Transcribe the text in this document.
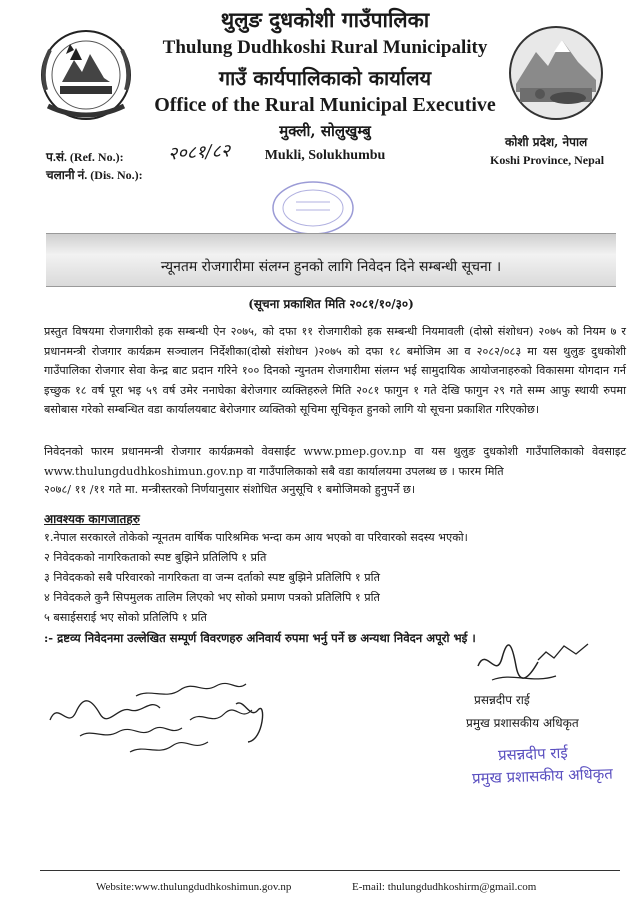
थुलुङ दुधकोशी गाउँपालिका
Thulung Dudhkoshi Rural Municipality
गाउँ कार्यपालिकाको कार्यालय
Office of the Rural Municipal Executive
मुक्ली, सोलुखुम्बु
Mukli, Solukhumbu
प.सं. (Ref. No.): २०८१/८२
चलानी नं. (Dis. No.):
कोशी प्रदेश, नेपाल
Koshi Province, Nepal
न्यूनतम रोजगारीमा संलग्न हुनको लागि निवेदन दिने सम्बन्धी सूचना ।
(सूचना प्रकाशित मिति २०८१/१०/३०)
प्रस्तुत विषयमा रोजगारीको हक सम्बन्धी ऐन २०७५, को दफा ११ रोजगारीको हक सम्बन्धी नियमावली (दोस्रो संशोधन) २०७५ को नियम ७ र प्रधानमन्त्री रोजगार कार्यक्रम सञ्चालन निर्देशीका(दोस्रो संशोधन )२०७५ को दफा १८ बमोजिम आ व २०८२/०८३ मा यस थुलुङ दुधकोशी गाउँपालिका रोजगार सेवा केन्द्र बाट प्रदान गरिने १०० दिनको न्युनतम रोजगारीमा संलग्न भई सामुदायिक आयोजनाहरुको विकासमा योगदान गर्न इच्छुक १८ वर्ष पूरा भइ ५९ वर्ष उमेर ननाघेका बेरोजगार व्यक्तिहरुले मिति २०८१ फागुन १ गते देखि फागुन २९ गते सम्म आफु स्थायी रुपमा बसोबास गरेको सम्बन्धित वडा कार्यालयबाट बेरोजगार व्यक्तिको सूचिमा सूचिकृत हुनको लागि यो सूचना प्रकाशित गरिएकोछ।
निवेदनको फारम प्रधानमन्त्री रोजगार कार्यक्रमको वेवसाईट www.pmep.gov.np वा यस थुलुङ दुधकोशी गाउँपालिकाको वेवसाइट www.thulungdudhkoshimun.gov.np वा गाउँपालिकाको सबै वडा कार्यालयमा उपलब्ध छ । फारम मिति
२०७८/ ११ /११ गते मा. मन्त्रीस्तरको निर्णयानुसार संशोधित अनुसूचि १ बमोजिमको हुनुपर्ने छ।
आवश्यक कागजातहरु
१.नेपाल सरकारले तोकेको न्यूनतम वार्षिक पारिश्रमिक भन्दा कम आय भएको वा परिवारको सदस्य भएको।
२ निवेदकको नागरिकताको स्पष्ट बुझिने प्रतिलिपि १ प्रति
३ निवेदकको सबै परिवारको नागरिकता वा जन्म दर्ताको स्पष्ट बुझिने प्रतिलिपि १ प्रति
४ निवेदकले कुनै सिपमुलक तालिम लिएको भए सोको प्रमाण पत्रको प्रतिलिपि १ प्रति
५ बसाईसराई भए सोको प्रतिलिपि १ प्रति
:- द्रष्टव्य निवेदनमा उल्लेखित सम्पूर्ण विवरणहरु अनिवार्य रुपमा भर्नु पर्ने छ अन्यथा निवेदन अपूरो भई ।
प्रसन्नदीप राई
प्रमुख प्रशासकीय अधिकृत
प्रसन्नदीप राई
प्रमुख प्रशासकीय अधिकृत
Website:www.thulungdudhkoshimun.gov.np	E-mail: thulungdudhkoshirm@gmail.com
